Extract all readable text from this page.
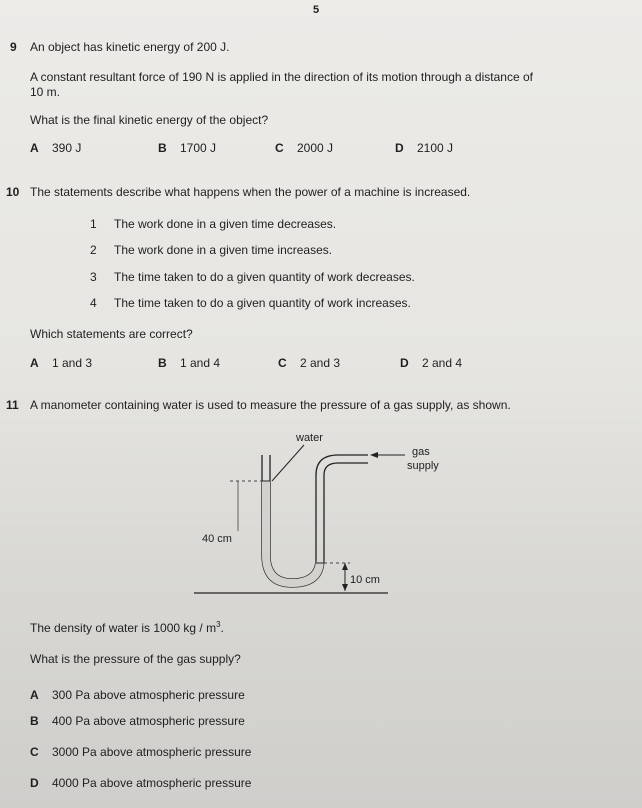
5
9 An object has kinetic energy of 200 J.
A constant resultant force of 190 N is applied in the direction of its motion through a distance of
10 m.
What is the final kinetic energy of the object?
A	390 J	B	1700 J	C	2000 J	D	2100 J
10 The statements describe what happens when the power of a machine is increased.
1	The work done in a given time decreases.
2	The work done in a given time increases.
3	The time taken to do a given quantity of work decreases.
4	The time taken to do a given quantity of work increases.
Which statements are correct?
A	1 and 3	B	1 and 4	C	2 and 3	D	2 and 4
11 A manometer containing water is used to measure the pressure of a gas supply, as shown.
water
gas
supply
40 cm
10 cm
The density of water is 1000 kg / $m^3$.
What is the pressure of the gas supply?
A	300 Pa above atmospheric pressure
B	400 Pa above atmospheric pressure
C	3000 Pa above atmospheric pressure
D	4000 Pa above atmospheric pressure
